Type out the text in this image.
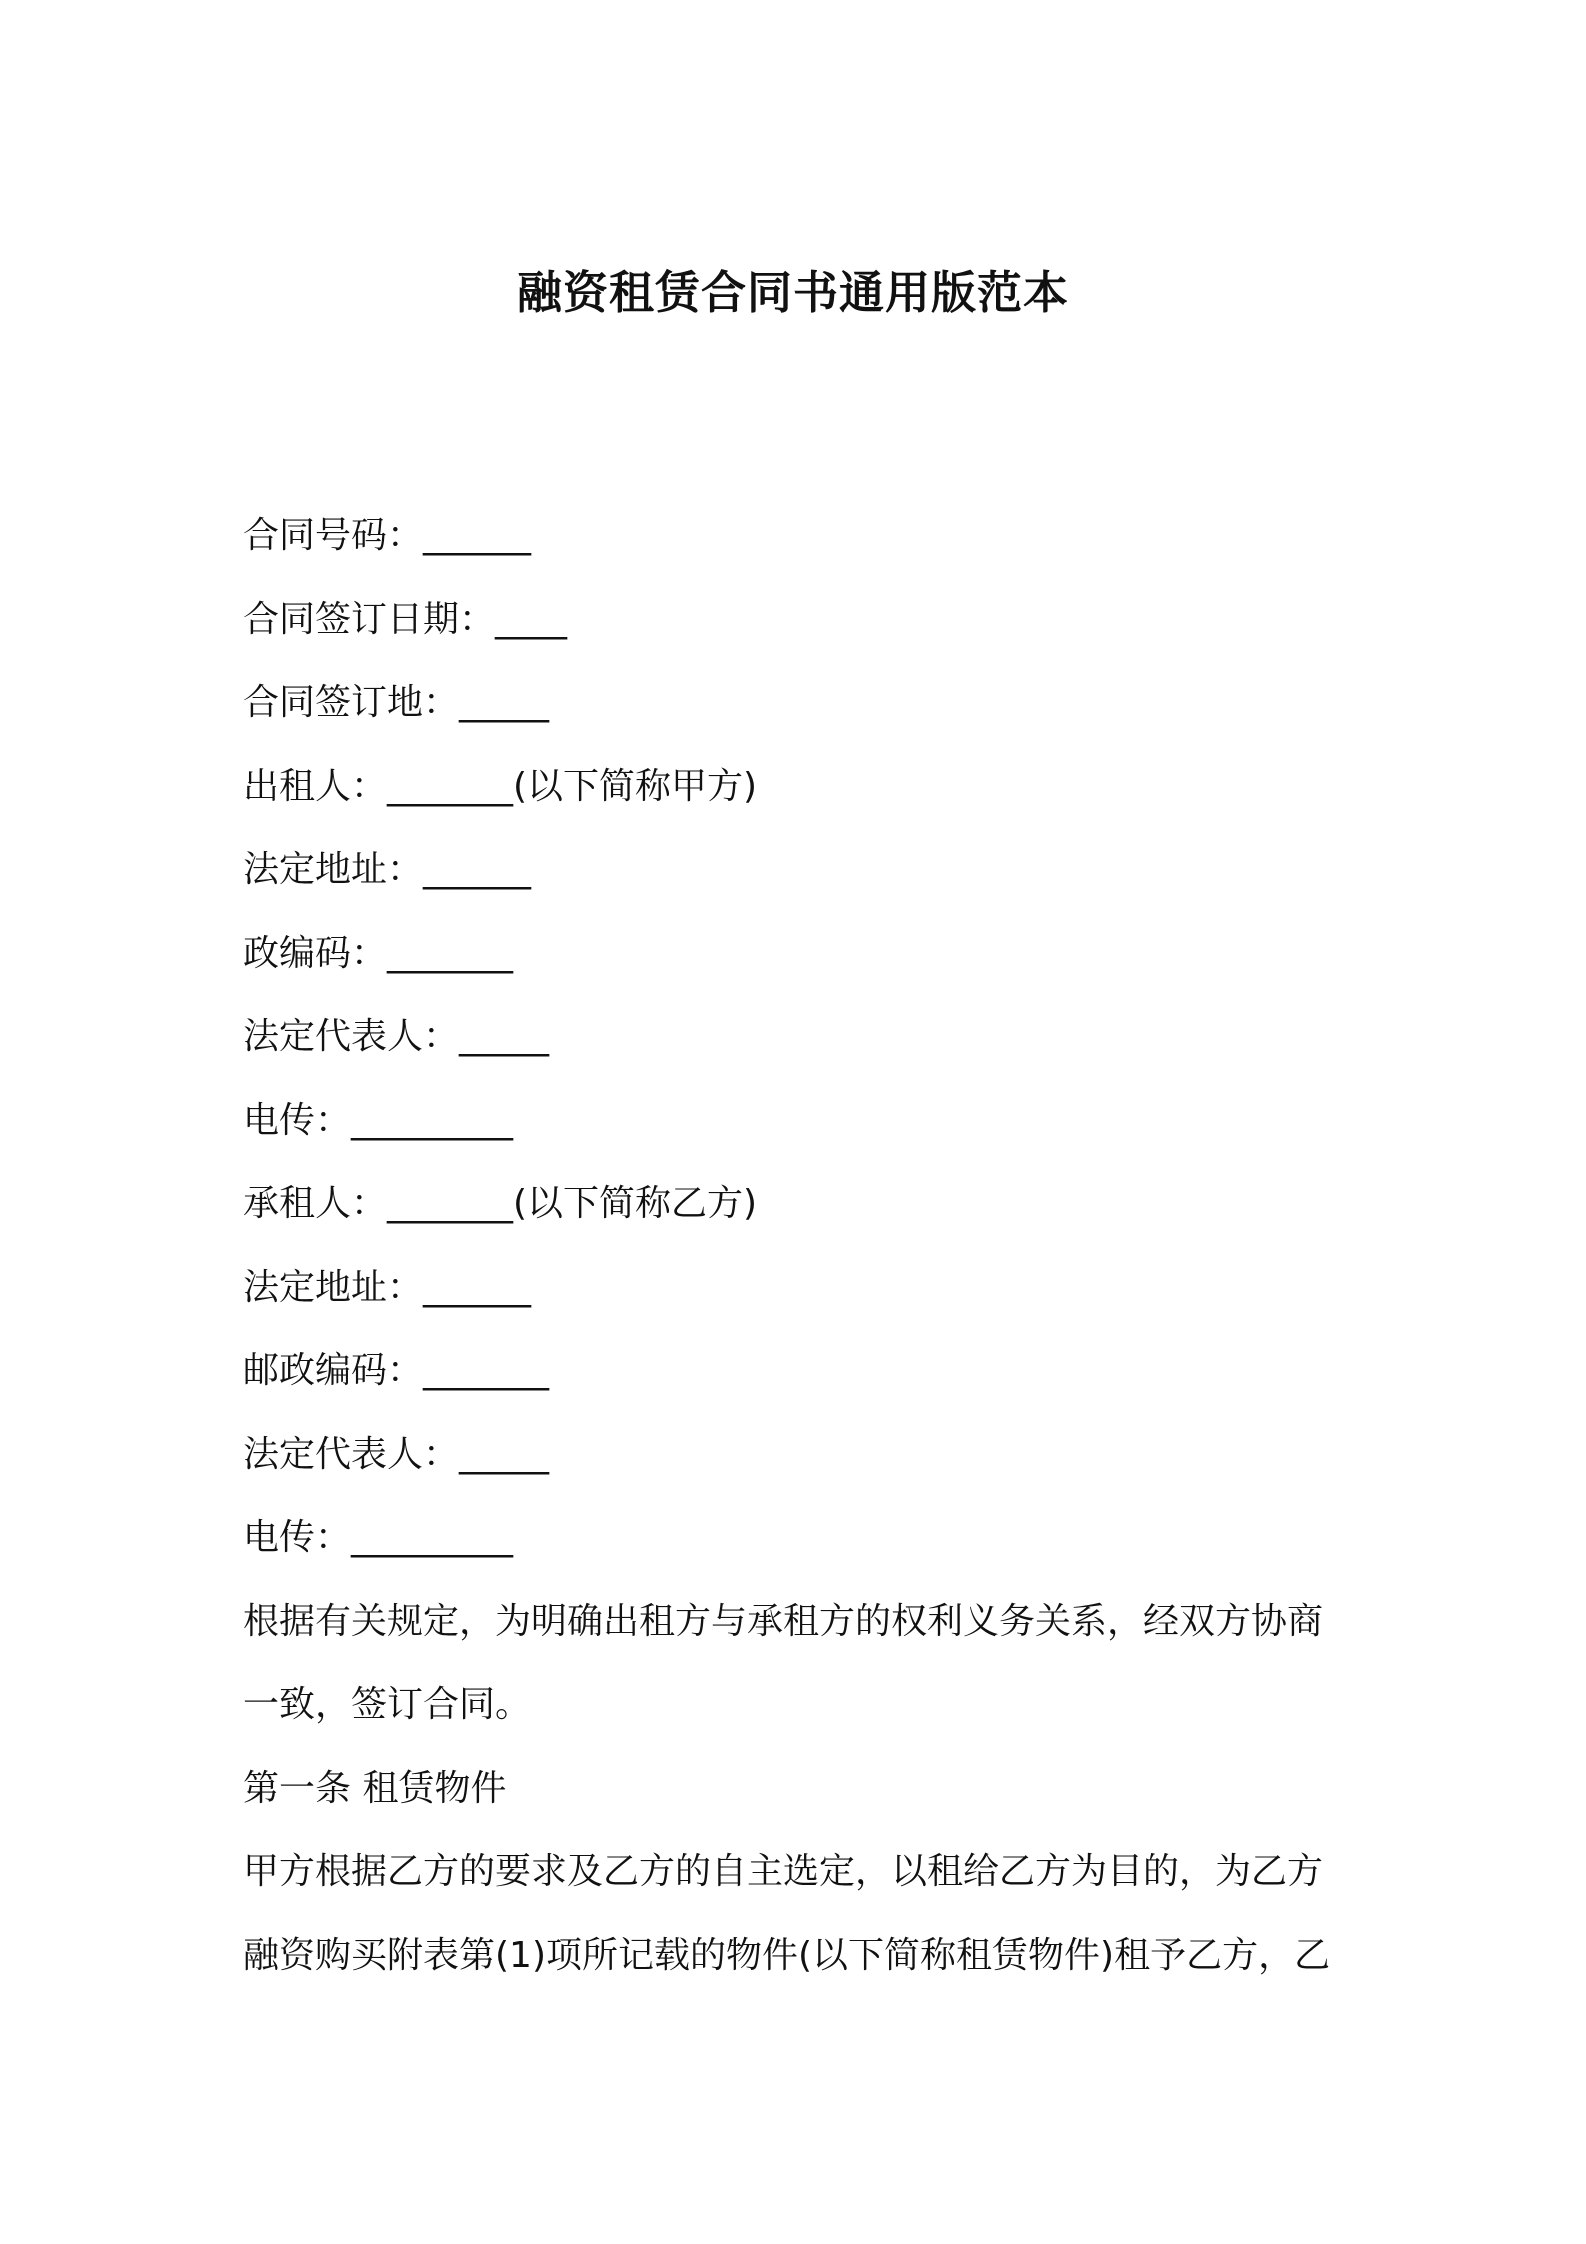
融资租赁合同书通用版范本
合同号码：______
合同签订日期：____
合同签订地：_____
出租人：_______(以下简称甲方)
法定地址：______
政编码：_______
法定代表人：_____
电传：_________
承租人：_______(以下简称乙方)
法定地址：______
邮政编码：_______
法定代表人：_____
电传：_________
根据有关规定，为明确出租方与承租方的权利义务关系，经双方协商
一致，签订合同。
第一条 租赁物件
甲方根据乙方的要求及乙方的自主选定，以租给乙方为目的，为乙方
融资购买附表第(1)项所记载的物件(以下简称租赁物件)租予乙方，乙
